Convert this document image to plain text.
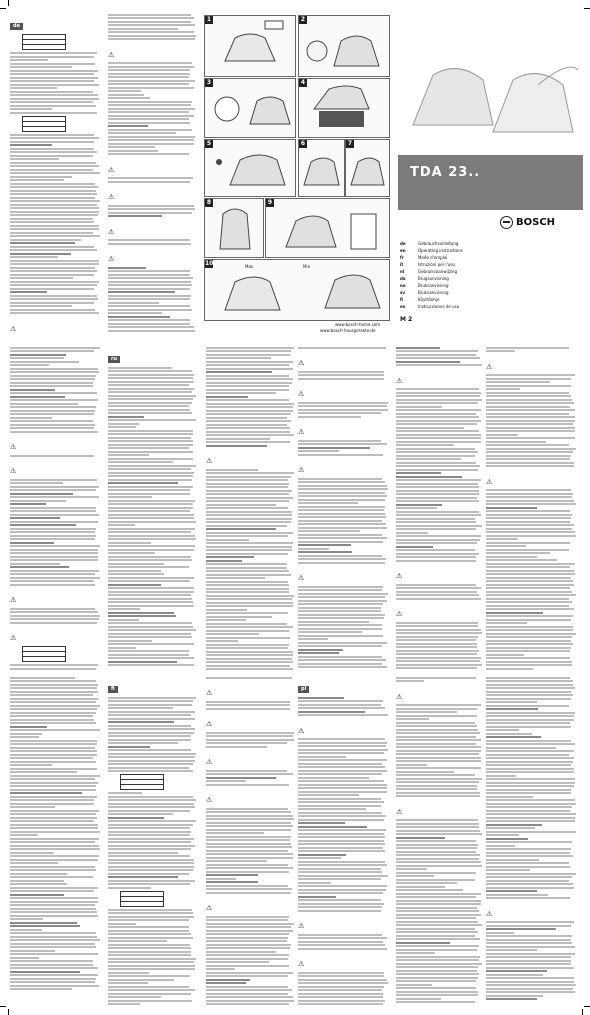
de
⚠
⚠
⚠
⚠
⚠
⚠
1	2
3	4
5	6	7
8	9
10	Max	Min
www.bosch-home.com
www.bosch-hausgeraete.de
TDA 23..
BOSCH
de	Gebrauchsanleitung
en	Operating instructions
fr	Mode d'emploi
it	Istruzioni per l'uso
nl	Gebruiksaanwijzing
da	Brugsanvisning
no	Bruksanvisning
sv	Bruksanvisning
fi	Käyttöohje
es	Instrucciones de uso
M 2
⚠
⚠
⚠
⚠
ru
⚠
⚠
⚠
⚠
⚠
⚠
⚠
⚠
⚠
⚠
⚠
fi	⚠
⚠
⚠
⚠
⚠
pl
⚠
⚠
⚠
⚠
⚠
⚠
